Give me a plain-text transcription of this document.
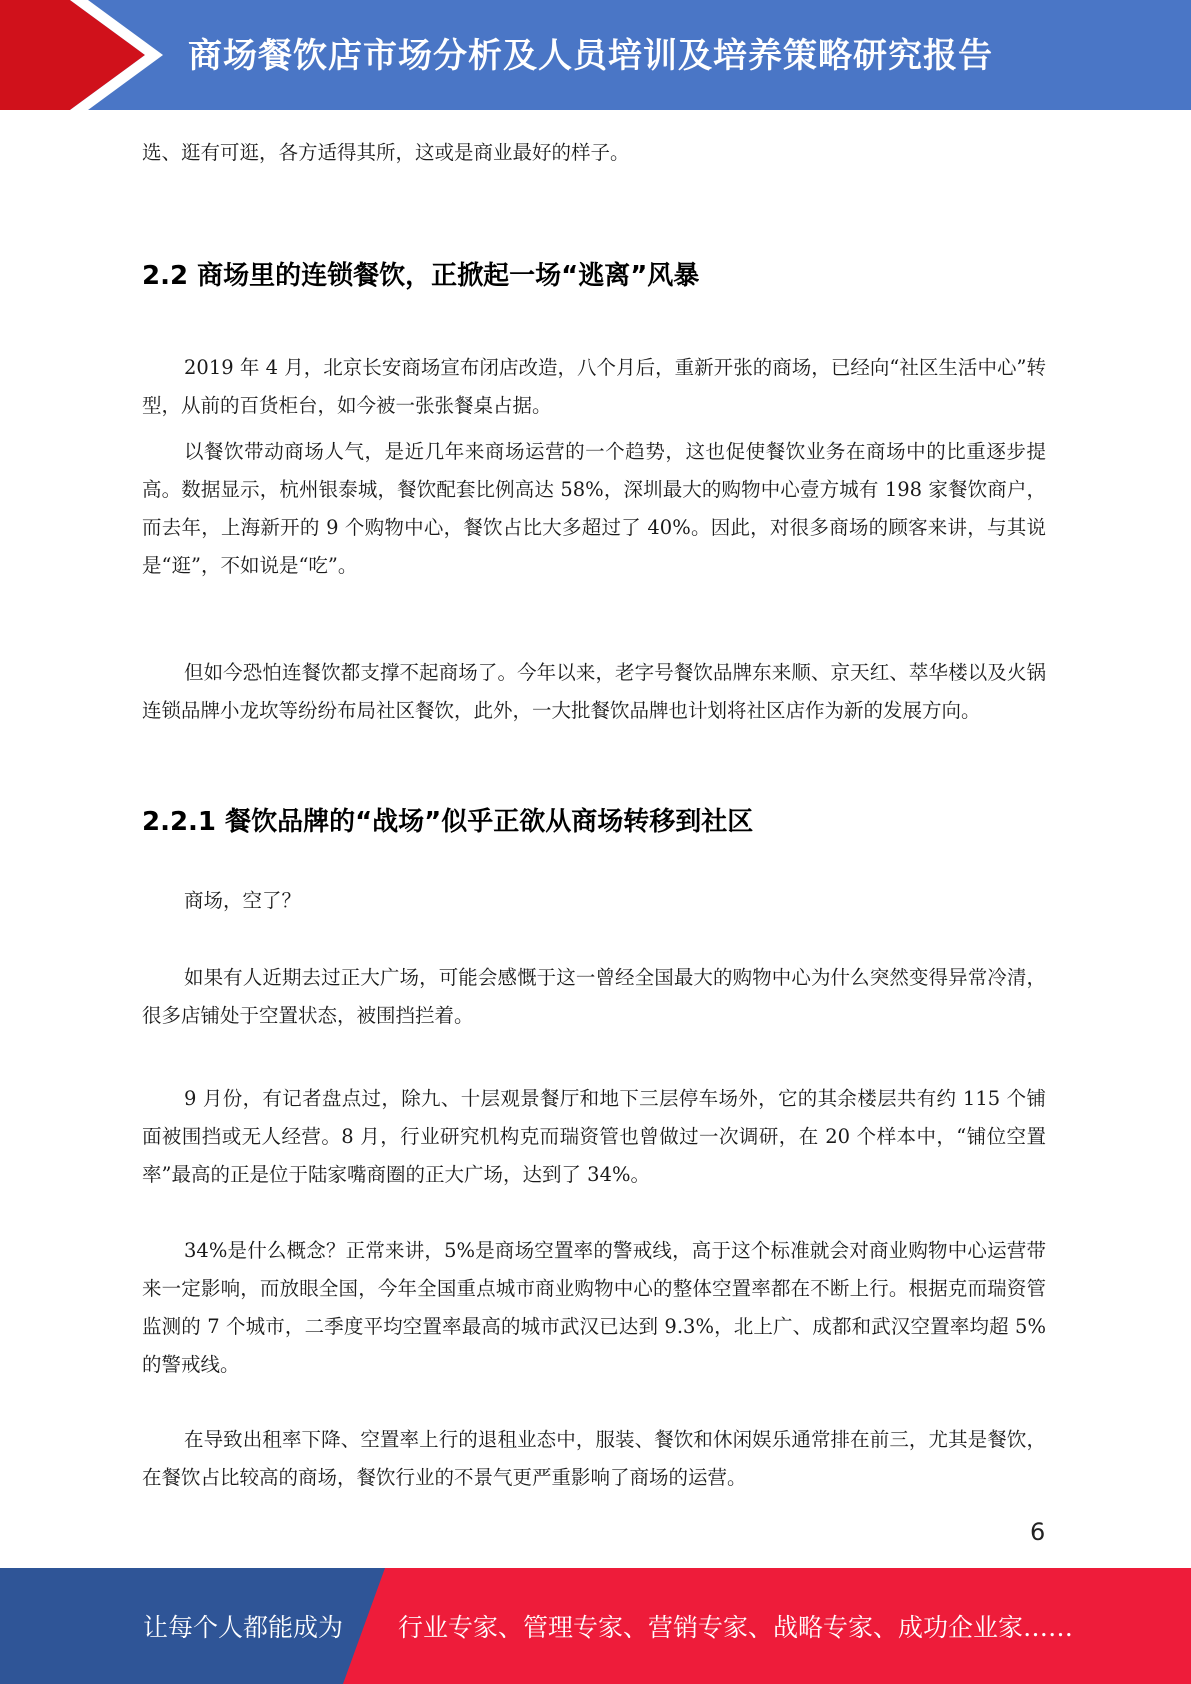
商场餐饮店市场分析及人员培训及培养策略研究报告

选、逛有可逛，各方适得其所，这或是商业最好的样子。

2.2 商场里的连锁餐饮，正掀起一场“逃离”风暴

2019 年 4 月，北京长安商场宣布闭店改造，八个月后，重新开张的商场，已经向“社区生活中心”转型，从前的百货柜台，如今被一张张餐桌占据。

以餐饮带动商场人气，是近几年来商场运营的一个趋势，这也促使餐饮业务在商场中的比重逐步提高。数据显示，杭州银泰城，餐饮配套比例高达 58%，深圳最大的购物中心壹方城有 198 家餐饮商户，而去年，上海新开的 9 个购物中心，餐饮占比大多超过了 40%。因此，对很多商场的顾客来讲，与其说是“逛”，不如说是“吃”。

但如今恐怕连餐饮都支撑不起商场了。今年以来，老字号餐饮品牌东来顺、京天红、萃华楼以及火锅连锁品牌小龙坎等纷纷布局社区餐饮，此外，一大批餐饮品牌也计划将社区店作为新的发展方向。

2.2.1 餐饮品牌的“战场”似乎正欲从商场转移到社区

商场，空了？

如果有人近期去过正大广场，可能会感慨于这一曾经全国最大的购物中心为什么突然变得异常冷清，很多店铺处于空置状态，被围挡拦着。

9 月份，有记者盘点过，除九、十层观景餐厅和地下三层停车场外，它的其余楼层共有约 115 个铺面被围挡或无人经营。8 月，行业研究机构克而瑞资管也曾做过一次调研，在 20 个样本中，“铺位空置率”最高的正是位于陆家嘴商圈的正大广场，达到了 34%。

34%是什么概念？正常来讲，5%是商场空置率的警戒线，高于这个标准就会对商业购物中心运营带来一定影响，而放眼全国，今年全国重点城市商业购物中心的整体空置率都在不断上行。根据克而瑞资管监测的 7 个城市，二季度平均空置率最高的城市武汉已达到 9.3%，北上广、成都和武汉空置率均超 5%的警戒线。

在导致出租率下降、空置率上行的退租业态中，服装、餐饮和休闲娱乐通常排在前三，尤其是餐饮，在餐饮占比较高的商场，餐饮行业的不景气更严重影响了商场的运营。

6
让每个人都能成为 行业专家、管理专家、营销专家、战略专家、成功企业家……
